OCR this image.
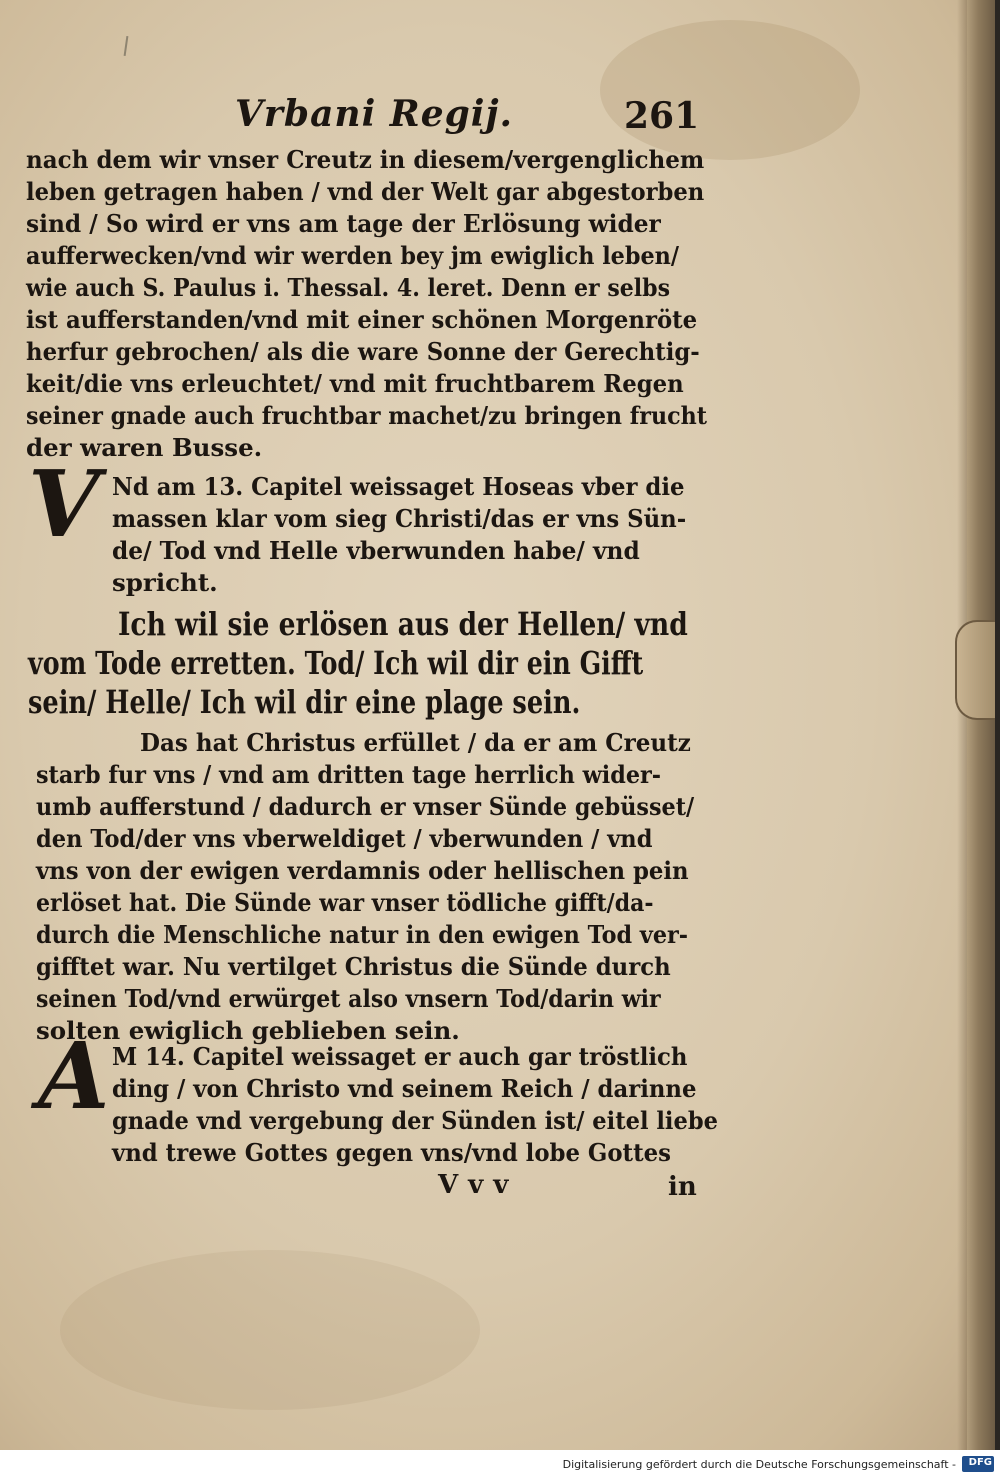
Vrbani Regij.	261
nach dem wir vnser Creutz in diesem/vergenglichem
leben getragen haben / vnd der Welt gar abgestorben
sind / So wird er vns am tage der Erlösung wider
aufferwecken/vnd wir werden bey jm ewiglich leben/
wie auch S. Paulus i. Thessal. 4. leret. Denn er selbs
ist aufferstanden/vnd mit einer schönen Morgenröte
herfur gebrochen/ als die ware Sonne der Gerechtig-
keit/die vns erleuchtet/ vnd mit fruchtbarem Regen
seiner gnade auch fruchtbar machet/zu bringen frucht
der waren Busse.
V Nd am 13. Capitel weissaget Hoseas vber die
massen klar vom sieg Christi/das er vns Sün-
de/ Tod vnd Helle vberwunden habe/ vnd
spricht.
Ich wil sie erlösen aus der Hellen/ vnd
vom Tode erretten. Tod/ Ich wil dir ein Gifft
sein/ Helle/ Ich wil dir eine plage sein.
Das hat Christus erfüllet / da er am Creutz
starb fur vns / vnd am dritten tage herrlich wider-
umb aufferstund / dadurch er vnser Sünde gebüsset/
den Tod/der vns vberweldiget / vberwunden / vnd
vns von der ewigen verdamnis oder hellischen pein
erlöset hat. Die Sünde war vnser tödliche gifft/da-
durch die Menschliche natur in den ewigen Tod ver-
gifftet war. Nu vertilget Christus die Sünde durch
seinen Tod/vnd erwürget also vnsern Tod/darin wir
solten ewiglich geblieben sein.
A M 14. Capitel weissaget er auch gar tröstlich
ding / von Christo vnd seinem Reich / darinne
gnade vnd vergebung der Sünden ist/ eitel liebe
vnd trewe Gottes gegen vns/vnd lobe Gottes
Vvv	in
Digitalisierung gefördert durch die Deutsche Forschungsgemeinschaft - DFG
